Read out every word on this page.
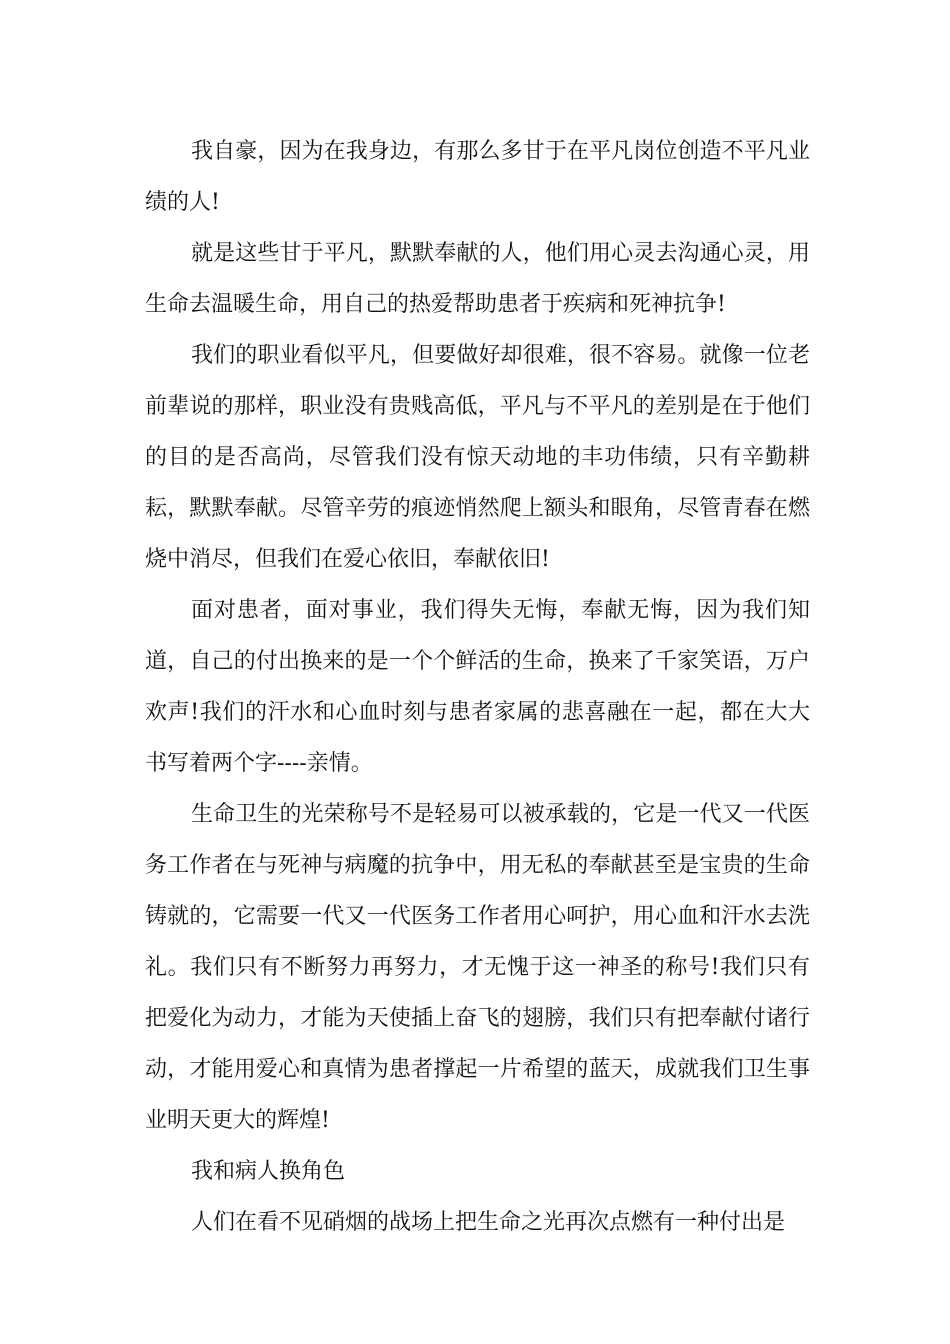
我自豪，因为在我身边，有那么多甘于在平凡岗位创造不平凡业绩的人!

就是这些甘于平凡，默默奉献的人，他们用心灵去沟通心灵，用生命去温暖生命，用自己的热爱帮助患者于疾病和死神抗争!

我们的职业看似平凡，但要做好却很难，很不容易。就像一位老前辈说的那样，职业没有贵贱高低，平凡与不平凡的差别是在于他们的目的是否高尚，尽管我们没有惊天动地的丰功伟绩，只有辛勤耕耘，默默奉献。尽管辛劳的痕迹悄然爬上额头和眼角，尽管青春在燃烧中消尽，但我们在爱心依旧，奉献依旧!

面对患者，面对事业，我们得失无悔，奉献无悔，因为我们知道，自己的付出换来的是一个个鲜活的生命，换来了千家笑语，万户欢声!我们的汗水和心血时刻与患者家属的悲喜融在一起，都在大大书写着两个字----亲情。

生命卫生的光荣称号不是轻易可以被承载的，它是一代又一代医务工作者在与死神与病魔的抗争中，用无私的奉献甚至是宝贵的生命铸就的，它需要一代又一代医务工作者用心呵护，用心血和汗水去洗礼。我们只有不断努力再努力，才无愧于这一神圣的称号!我们只有把爱化为动力，才能为天使插上奋飞的翅膀，我们只有把奉献付诸行动，才能用爱心和真情为患者撑起一片希望的蓝天，成就我们卫生事业明天更大的辉煌!

我和病人换角色

人们在看不见硝烟的战场上把生命之光再次点燃有一种付出是
